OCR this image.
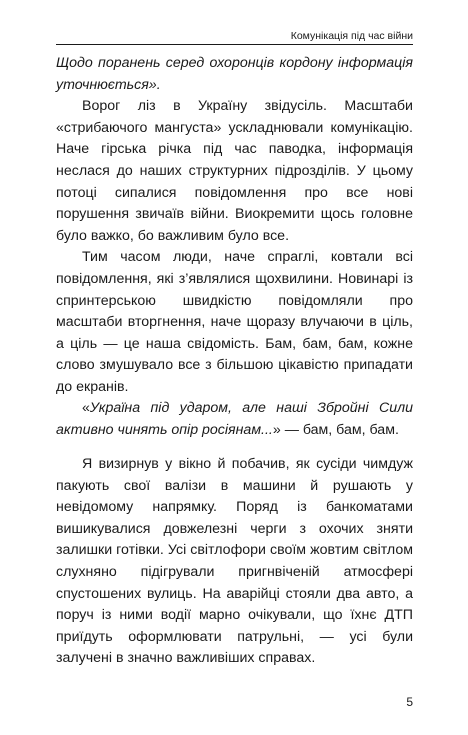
Комунікація під час війни

Щодо поранень серед охоронців кордону інформація уточнюється».

Ворог ліз в Україну звідусіль. Масштаби «стрибаючого мангуста» ускладнювали комунікацію. Наче гірська річка під час паводка, інформація неслася до наших структурних підрозділів. У цьому потоці сипалися повідомлення про все нові порушення звичаїв війни. Виокремити щось головне було важко, бо важливим було все.

Тим часом люди, наче спраглі, ковтали всі повідомлення, які з’являлися щохвилини. Новинарі із спринтерською швидкістю повідомляли про масштаби вторгнення, наче щоразу влучаючи в ціль, а ціль — це наша свідомість. Бам, бам, бам, кожне слово змушувало все з більшою цікавістю припадати до екранів.

«Україна під ударом, але наші Збройні Сили активно чинять опір росіянам...» — бам, бам, бам.

Я визирнув у вікно й побачив, як сусіди чимдуж пакують свої валізи в машини й рушають у невідомому напрямку. Поряд із банкоматами вишикувалися довжелезні черги з охочих зняти залишки готівки. Усі світлофори своїм жовтим світлом слухняно підігрували пригнвіченій атмосфері спустошених вулиць. На аварійці стояли два авто, а поруч із ними водії марно очікували, що їхнє ДТП приїдуть оформлювати патрульні, — усі були залучені в значно важливіших справах.

5
